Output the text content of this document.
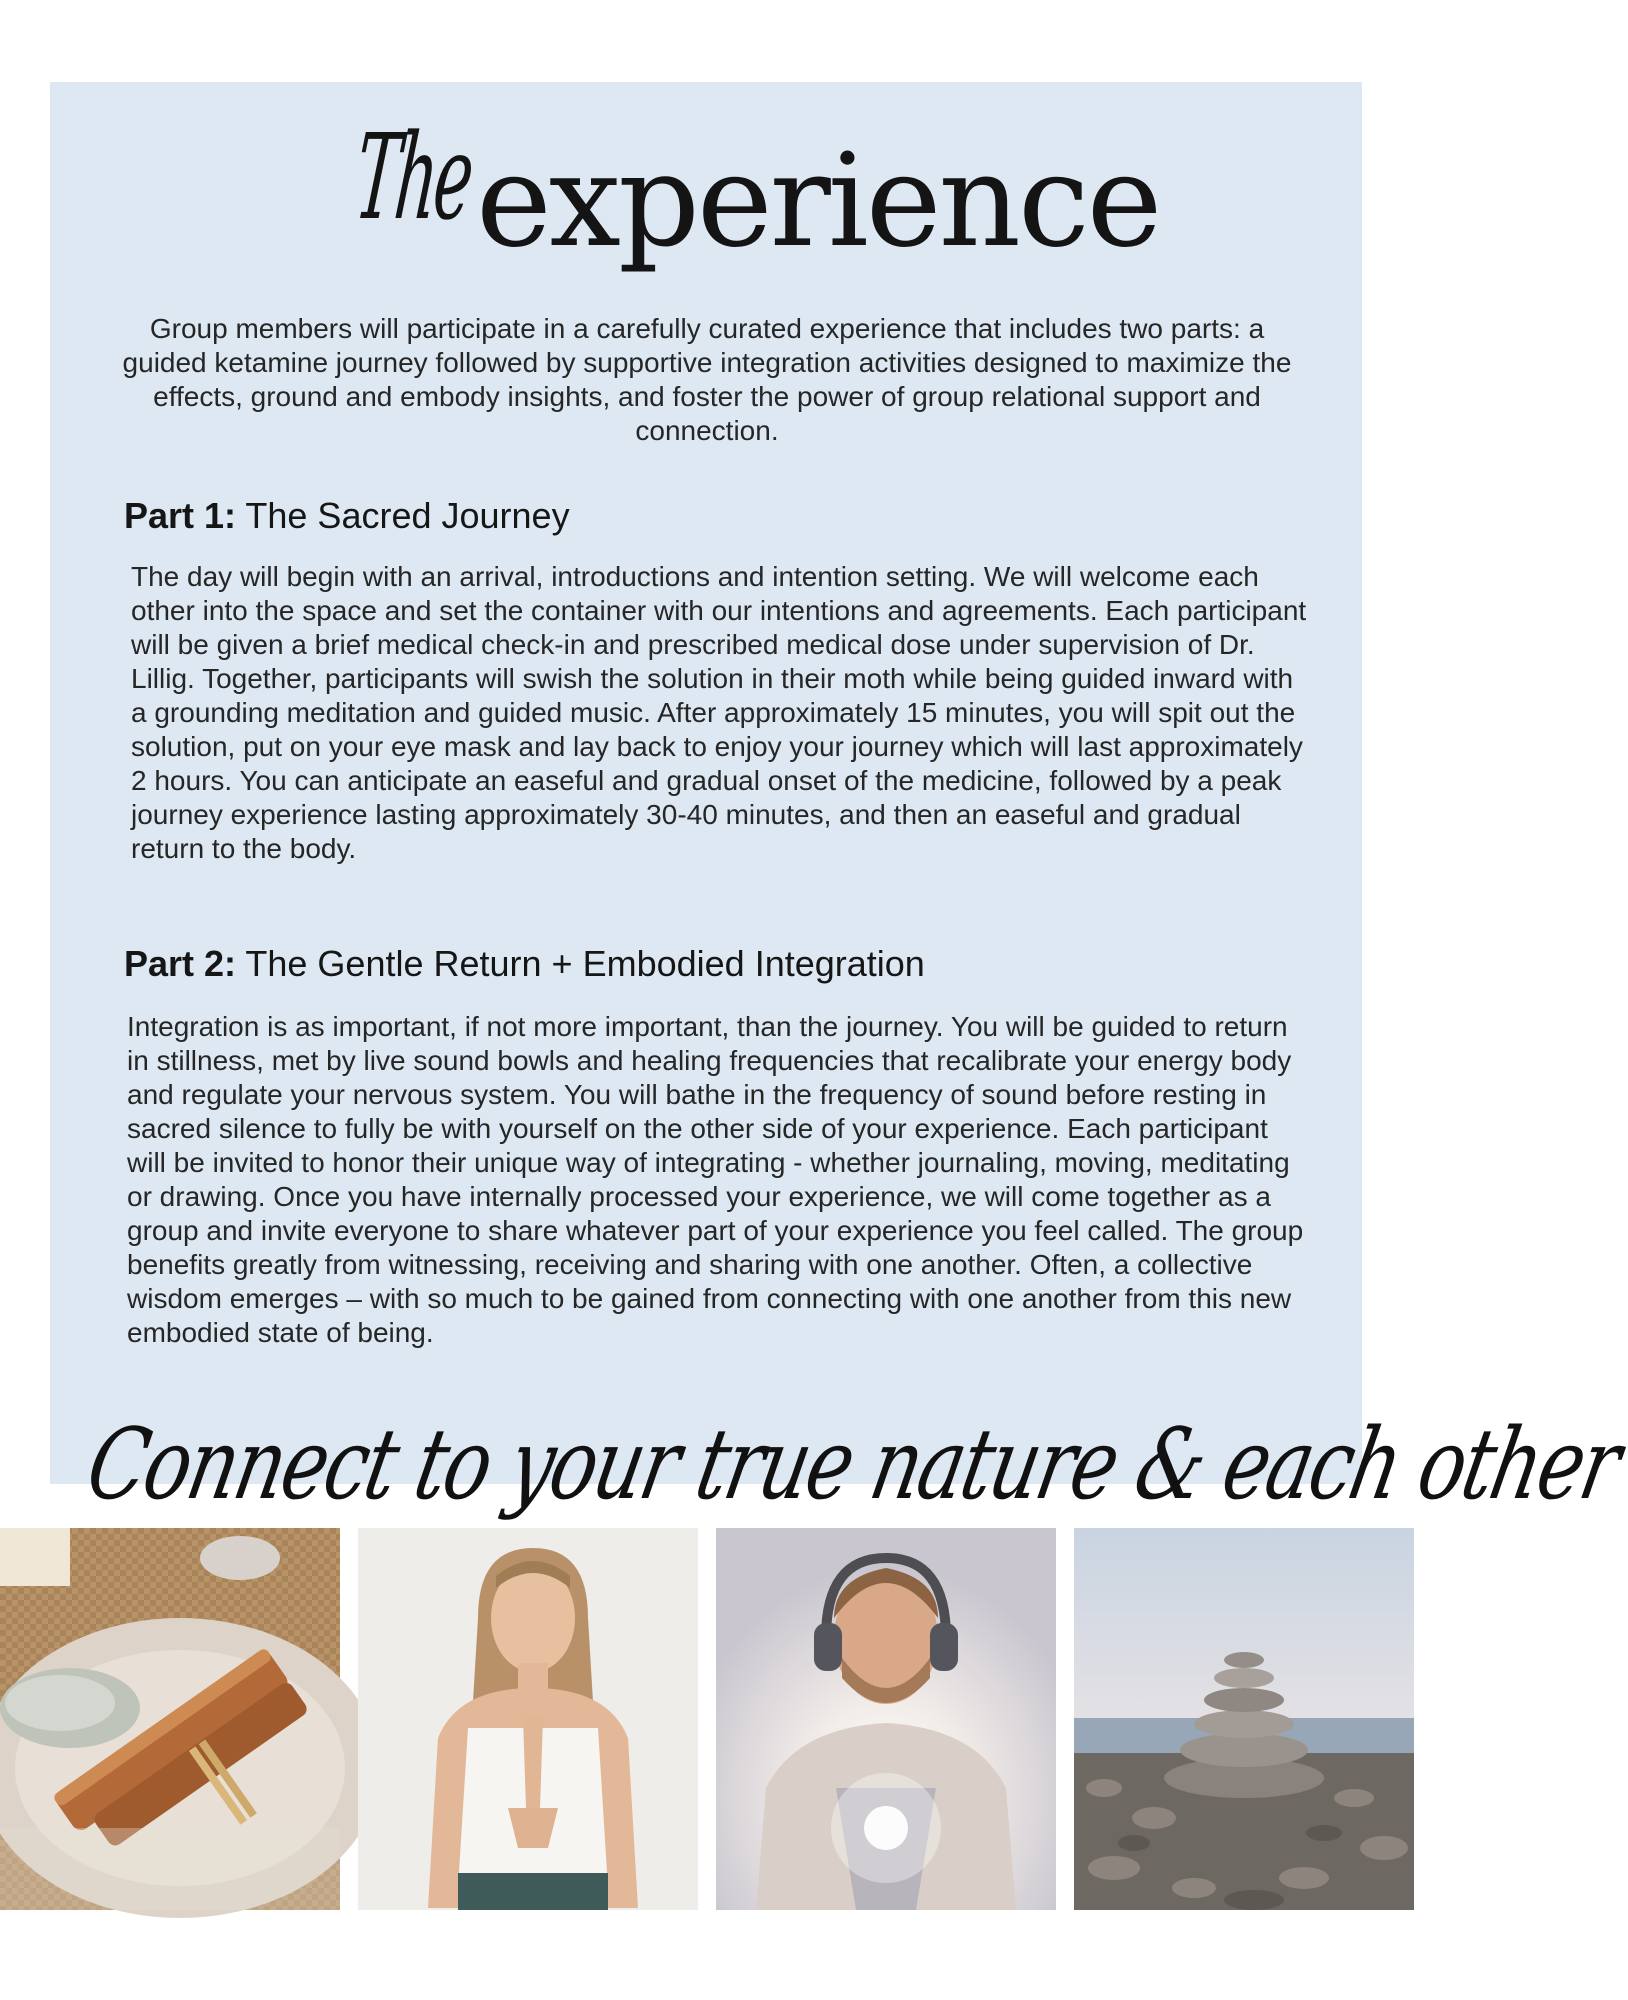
The experience

Group members will participate in a carefully curated experience that includes two parts: a guided ketamine journey followed by supportive integration activities designed to maximize the effects, ground and embody insights, and foster the power of group relational support and connection.

Part 1: The Sacred Journey

The day will begin with an arrival, introductions and intention setting. We will welcome each other into the space and set the container with our intentions and agreements. Each participant will be given a brief medical check-in and prescribed medical dose under supervision of Dr. Lillig. Together, participants will swish the solution in their moth while being guided inward with a grounding meditation and guided music. After approximately 15 minutes, you will spit out the solution, put on your eye mask and lay back to enjoy your journey which will last approximately 2 hours. You can anticipate an easeful and gradual onset of the medicine, followed by a peak journey experience lasting approximately 30-40 minutes, and then an easeful and gradual return to the body.

Part 2: The Gentle Return + Embodied Integration

Integration is as important, if not more important, than the journey. You will be guided to return in stillness, met by live sound bowls and healing frequencies that recalibrate your energy body and regulate your nervous system. You will bathe in the frequency of sound before resting in sacred silence to fully be with yourself on the other side of your experience. Each participant will be invited to honor their unique way of integrating - whether journaling, moving, meditating or drawing. Once you have internally processed your experience, we will come together as a group and invite everyone to share whatever part of your experience you feel called. The group benefits greatly from witnessing, receiving and sharing with one another. Often, a collective wisdom emerges – with so much to be gained from connecting with one another from this new embodied state of being.

Connect to your true nature & each other
